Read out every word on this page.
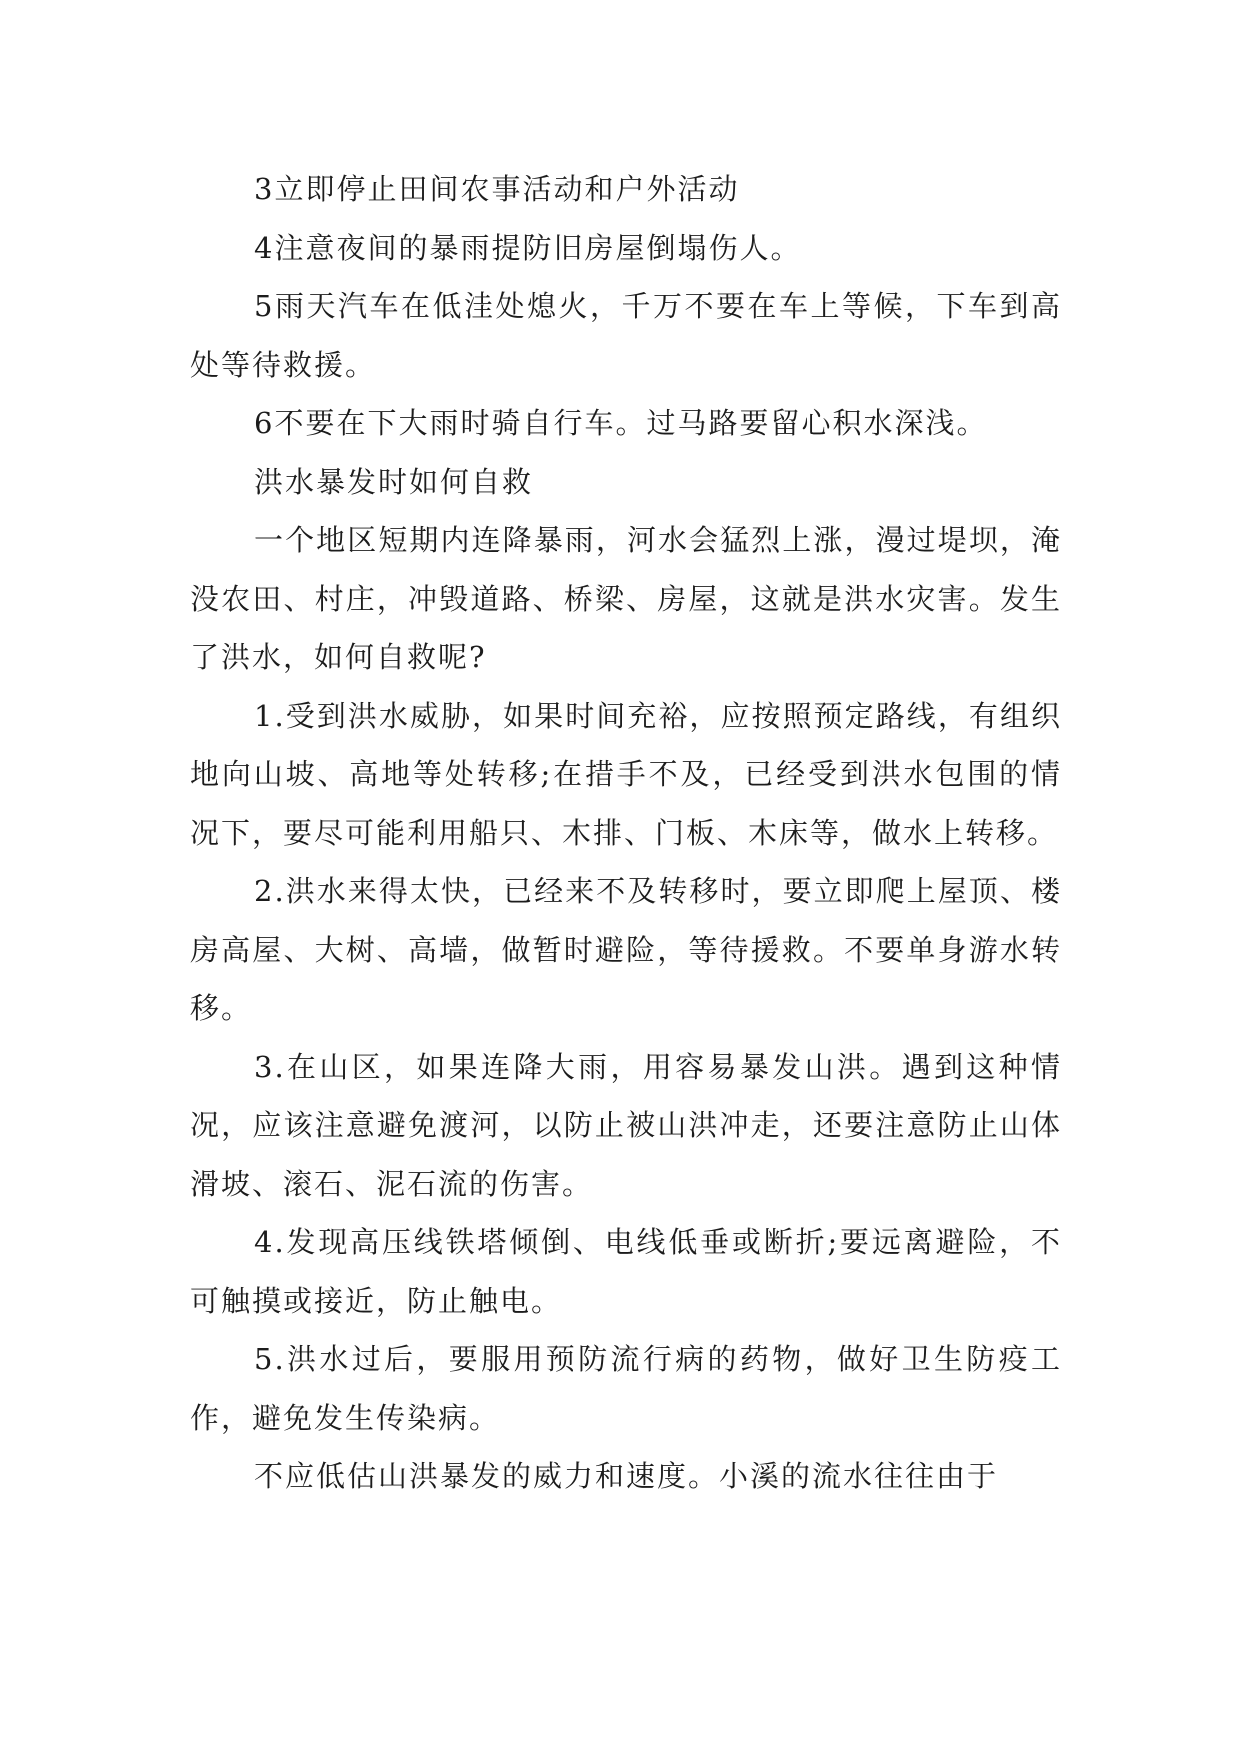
3立即停止田间农事活动和户外活动

4注意夜间的暴雨提防旧房屋倒塌伤人。

5雨天汽车在低洼处熄火，千万不要在车上等候，下车到高处等待救援。

6不要在下大雨时骑自行车。过马路要留心积水深浅。

洪水暴发时如何自救

一个地区短期内连降暴雨，河水会猛烈上涨，漫过堤坝，淹没农田、村庄，冲毁道路、桥梁、房屋，这就是洪水灾害。发生了洪水，如何自救呢?

1.受到洪水威胁，如果时间充裕，应按照预定路线，有组织地向山坡、高地等处转移;在措手不及，已经受到洪水包围的情况下，要尽可能利用船只、木排、门板、木床等，做水上转移。

2.洪水来得太快，已经来不及转移时，要立即爬上屋顶、楼房高屋、大树、高墙，做暂时避险，等待援救。不要单身游水转移。

3.在山区，如果连降大雨，用容易暴发山洪。遇到这种情况，应该注意避免渡河，以防止被山洪冲走，还要注意防止山体滑坡、滚石、泥石流的伤害。

4.发现高压线铁塔倾倒、电线低垂或断折;要远离避险，不可触摸或接近，防止触电。

5.洪水过后，要服用预防流行病的药物，做好卫生防疫工作，避免发生传染病。

不应低估山洪暴发的威力和速度。小溪的流水往往由于
